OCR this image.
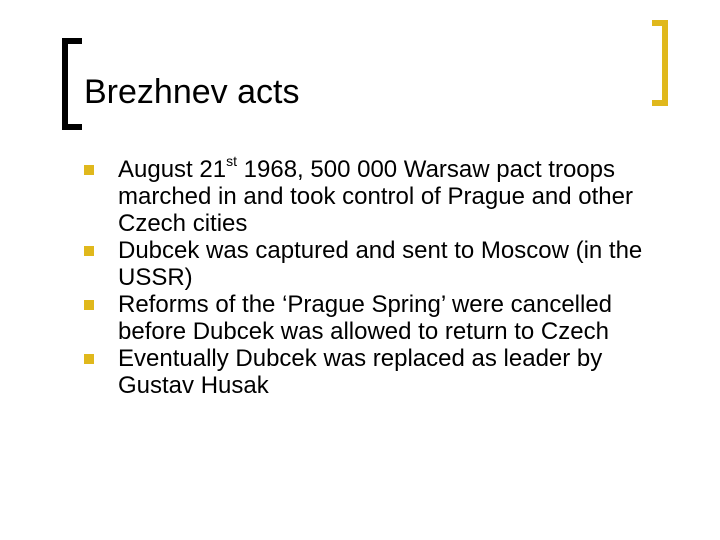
Brezhnev acts
August 21st 1968, 500 000 Warsaw pact troops marched in and took control of Prague and other Czech cities
Dubcek was captured and sent to Moscow (in the USSR)
Reforms of the ‘Prague Spring’ were cancelled before Dubcek was allowed to return to Czech
Eventually Dubcek was replaced as leader by Gustav Husak
